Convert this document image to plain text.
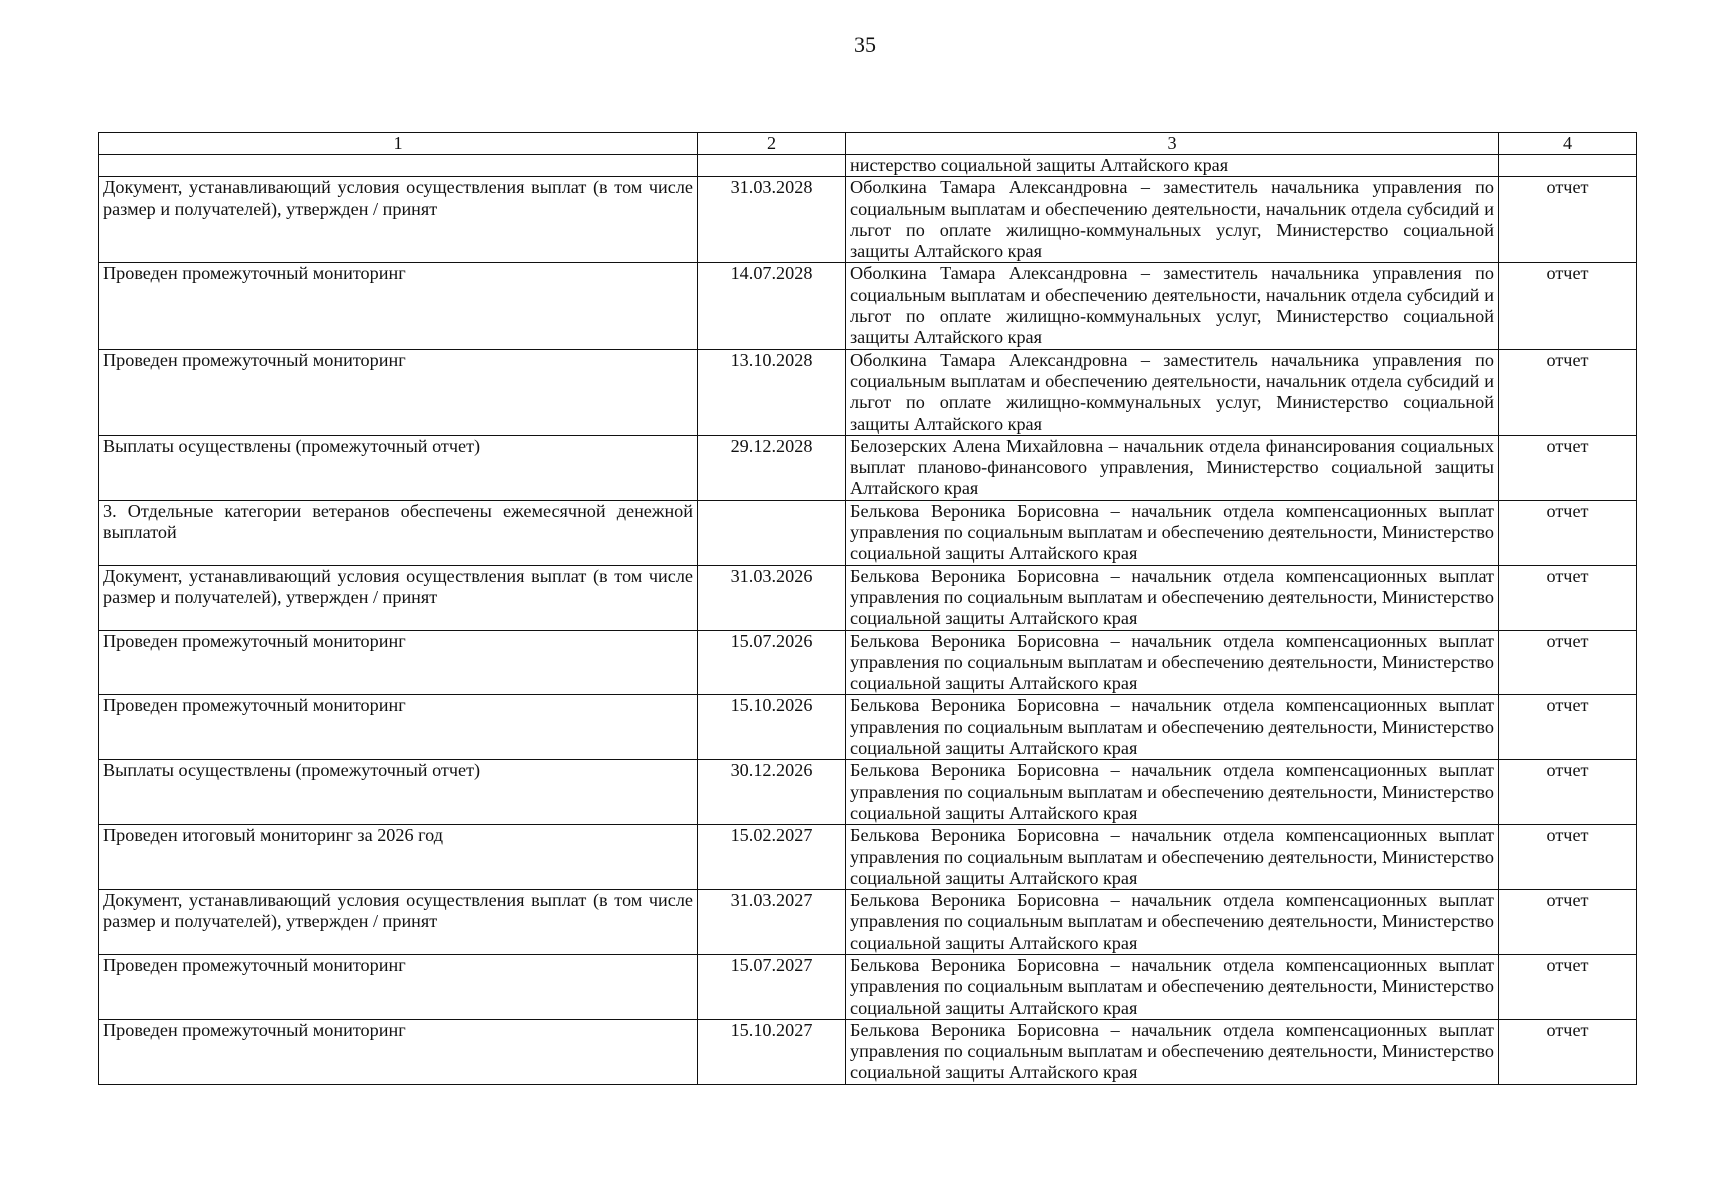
35
1	2	3	4
		нистерство социальной защиты Алтайского края	
Документ, устанавливающий условия осуществления выплат (в том числе размер и получателей), утвержден / принят	31.03.2028	Оболкина Тамара Александровна – заместитель начальника управления по социальным выплатам и обеспечению деятельности, начальник отдела субсидий и льгот по оплате жилищно-коммунальных услуг, Министерство социальной защиты Алтайского края	отчет
Проведен промежуточный мониторинг	14.07.2028	Оболкина Тамара Александровна – заместитель начальника управления по социальным выплатам и обеспечению деятельности, начальник отдела субсидий и льгот по оплате жилищно-коммунальных услуг, Министерство социальной защиты Алтайского края	отчет
Проведен промежуточный мониторинг	13.10.2028	Оболкина Тамара Александровна – заместитель начальника управления по социальным выплатам и обеспечению деятельности, начальник отдела субсидий и льгот по оплате жилищно-коммунальных услуг, Министерство социальной защиты Алтайского края	отчет
Выплаты осуществлены (промежуточный отчет)	29.12.2028	Белозерских Алена Михайловна – начальник отдела финансирования социальных выплат планово-финансового управления, Министерство социальной защиты Алтайского края	отчет
3. Отдельные категории ветеранов обеспечены ежемесячной денежной выплатой		Белькова Вероника Борисовна – начальник отдела компенсационных выплат управления по социальным выплатам и обеспечению деятельности, Министерство социальной защиты Алтайского края	отчет
Документ, устанавливающий условия осуществления выплат (в том числе размер и получателей), утвержден / принят	31.03.2026	Белькова Вероника Борисовна – начальник отдела компенсационных выплат управления по социальным выплатам и обеспечению деятельности, Министерство социальной защиты Алтайского края	отчет
Проведен промежуточный мониторинг	15.07.2026	Белькова Вероника Борисовна – начальник отдела компенсационных выплат управления по социальным выплатам и обеспечению деятельности, Министерство социальной защиты Алтайского края	отчет
Проведен промежуточный мониторинг	15.10.2026	Белькова Вероника Борисовна – начальник отдела компенсационных выплат управления по социальным выплатам и обеспечению деятельности, Министерство социальной защиты Алтайского края	отчет
Выплаты осуществлены (промежуточный отчет)	30.12.2026	Белькова Вероника Борисовна – начальник отдела компенсационных выплат управления по социальным выплатам и обеспечению деятельности, Министерство социальной защиты Алтайского края	отчет
Проведен итоговый мониторинг за 2026 год	15.02.2027	Белькова Вероника Борисовна – начальник отдела компенсационных выплат управления по социальным выплатам и обеспечению деятельности, Министерство социальной защиты Алтайского края	отчет
Документ, устанавливающий условия осуществления выплат (в том числе размер и получателей), утвержден / принят	31.03.2027	Белькова Вероника Борисовна – начальник отдела компенсационных выплат управления по социальным выплатам и обеспечению деятельности, Министерство социальной защиты Алтайского края	отчет
Проведен промежуточный мониторинг	15.07.2027	Белькова Вероника Борисовна – начальник отдела компенсационных выплат управления по социальным выплатам и обеспечению деятельности, Министерство социальной защиты Алтайского края	отчет
Проведен промежуточный мониторинг	15.10.2027	Белькова Вероника Борисовна – начальник отдела компенсационных выплат управления по социальным выплатам и обеспечению деятельности, Министерство социальной защиты Алтайского края	отчет
